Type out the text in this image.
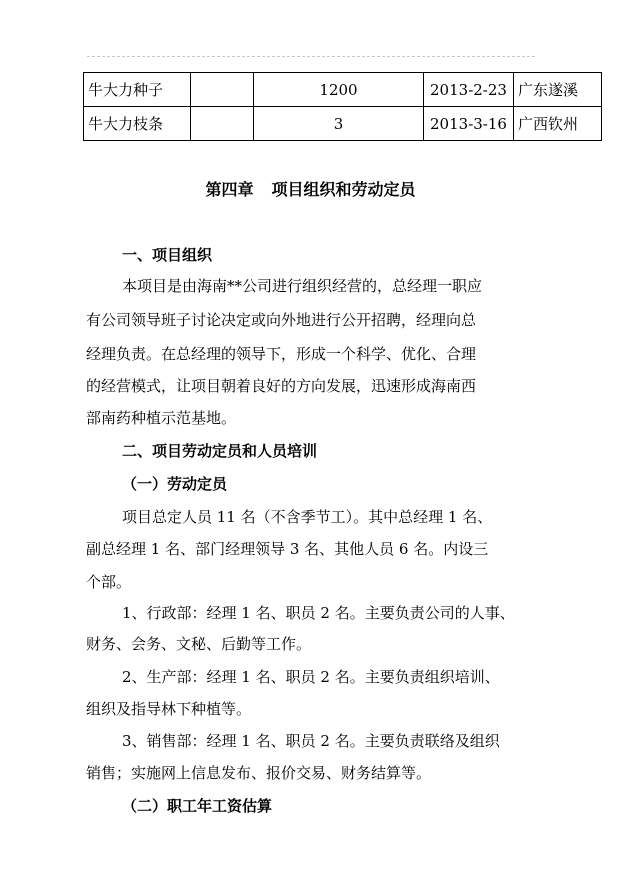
牛大力种子		1200	2013-2-23	广东遂溪
牛大力枝条		3	2013-3-16	广西钦州
第四章 项目组织和劳动定员
一、项目组织
本项目是由海南**公司进行组织经营的，总经理一职应
有公司领导班子讨论决定或向外地进行公开招聘，经理向总
经理负责。在总经理的领导下，形成一个科学、优化、合理
的经营模式，让项目朝着良好的方向发展，迅速形成海南西
部南药种植示范基地。
二、项目劳动定员和人员培训
（一）劳动定员
项目总定人员 11 名（不含季节工）。其中总经理 1 名、
副总经理 1 名、部门经理领导 3 名、其他人员 6 名。内设三
个部。
1、行政部：经理 1 名、职员 2 名。主要负责公司的人事、
财务、会务、文秘、后勤等工作。
2、生产部：经理 1 名、职员 2 名。主要负责组织培训、
组织及指导林下种植等。
3、销售部：经理 1 名、职员 2 名。主要负责联络及组织
销售；实施网上信息发布、报价交易、财务结算等。
（二）职工年工资估算
